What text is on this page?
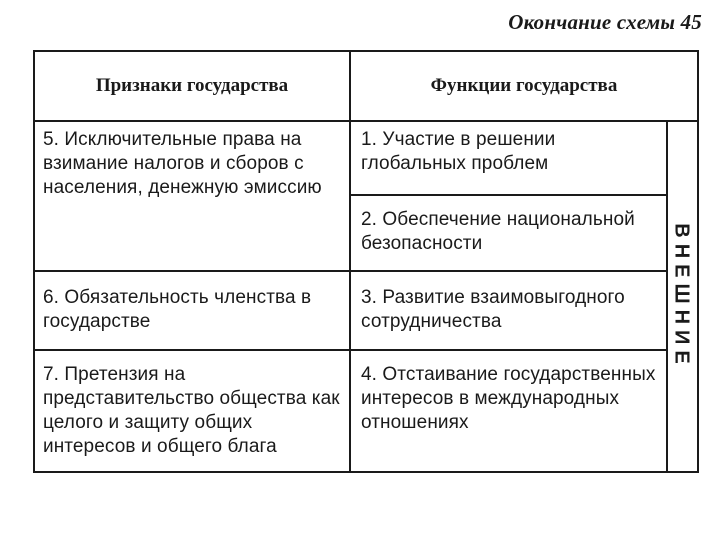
Окончание схемы 45
Признаки государства	Функции государства
5. Исключительные права на взимание налогов и сборов с населения, денежную эмиссию
6. Обязательность членства в государстве
7. Претензия на представительство общества как целого и защиту общих интересов и общего блага
1. Участие в решении глобальных проблем
2. Обеспечение национальной безопасности
3. Развитие взаимовыгодного сотрудничества
4. Отстаивание государственных интересов в международных отношениях
ВНЕШНИЕ
